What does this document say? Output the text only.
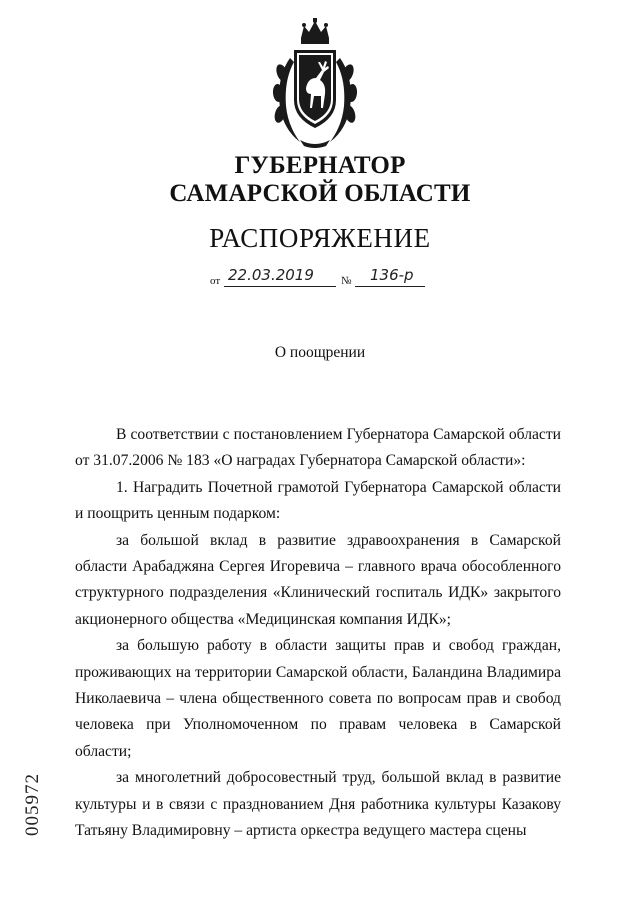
ГУБЕРНАТОР
САМАРСКОЙ ОБЛАСТИ
РАСПОРЯЖЕНИЕ
от 22.03.2019 № 136-р
О поощрении

В соответствии с постановлением Губернатора Самарской области от 31.07.2006 № 183 «О наградах Губернатора Самарской области»:

1. Наградить Почетной грамотой Губернатора Самарской области и поощрить ценным подарком:

за большой вклад в развитие здравоохранения в Самарской области Арабаджяна Сергея Игоревича – главного врача обособленного структурного подразделения «Клинический госпиталь ИДК» закрытого акционерного общества «Медицинская компания ИДК»;

за большую работу в области защиты прав и свобод граждан, проживающих на территории Самарской области, Баландина Владимира Николаевича – члена общественного совета по вопросам прав и свобод человека при Уполномоченном по правам человека в Самарской области;

за многолетний добросовестный труд, большой вклад в развитие культуры и в связи с празднованием Дня работника культуры Казакову Татьяну Владимировну – артиста оркестра ведущего мастера сцены

005972
